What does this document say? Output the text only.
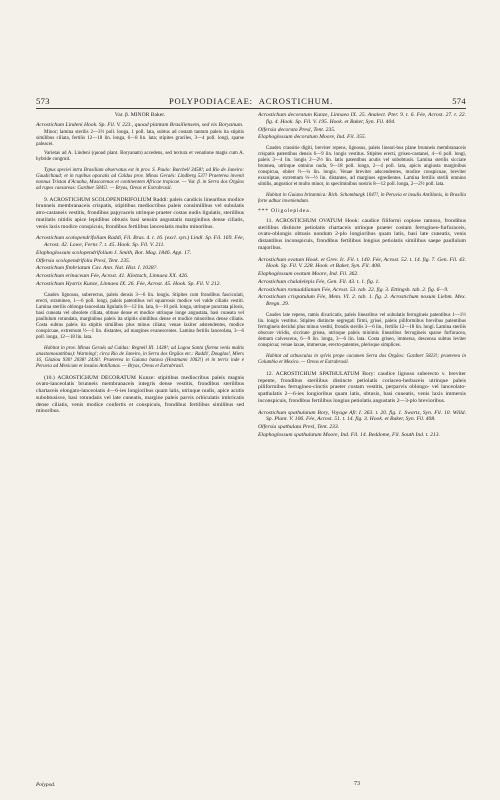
573	POLYPODIACEAE: ACROSTICHUM.	574

Var. β. MINOR Baker.

Acrostichum Lindeni Hook. Sp. Fil. V. 223., quoad plantam Brasiliensem, sed vix Boryanum.

Minor; lamina sterilis 2—3½ poll. longa, 1 poll. lata, subtus ad costam tantum paleis ita stipitis similibus ciliata, fertilis 12—18 lin. longa, 6—8 lin. lata; stipites graciles, 3—4 poll. longi, sparse paleacei.

Varietas ad A. Lindeni (quoad plant. Boryanam) accedens, sed textura et venatione magis cum A. hybride congruit.

Typus speciei intra Brasiliam observatus est in prov. S. Paulo: Burchell 3458!; ad Rio de Janeiro: Gaudichaud; et in rupibus opacatis ad Caldas prov. Minas Geraës: Lindberg 537! Praeterea invenit nonnus Tristan d'Acunha, Mascarenas et continentem Africae tropicae. — Var. β. in Serra dos Orgãos ad rupes caesareas: Gardner 5845!. — Bryas, Oreas et Extrabrasil.

9. ACROSTICHUM SCOLOPENDRIFOLIUM Raddi: paleis candicis linearibus modice brunneis membranaceis crispatis, stipitibus mediocribus paleis consimilibus vel subulatis atro-castaneis vestitis, frondibus papyraceis utrinque praeter costas nudis ligulatis, sterilibus mutilatis nitidis apice lepidibus obtusis basi sensim angustatis marginibus dense ciliatis, venis laxis modice conspicuis, frondibus fertilibus lanceolatis multo minoribus.

Acrostichum scolopendrifolium Raddi, Fil. Bras. 4. t. 16. (excl. syn.) Lindl. Sp. Fil. 169. Fée, Acrost. 42. Lowe, Ferns 7. t. 45. Hook. Sp. Fil. V. 211.

Elaphoglossum scolopendrifolium J. Smith, Bot. Mag. 1846. App. 17.

Olfersia scolopendrifolia Presl, Tent. 235.

Acrostichum fimbriatum Cav. Ann. Nat. Hist. I. 1028?.

Acrostichum erinaceum Fée, Acrost. 41. Klotzsch, Linnaea XX. 426.

Acrostichum Hystrix Kunze, Linnaea IX. 26. Fée, Acrost. 45. Hook. Sp. Fil. V. 212.

Caudex lignosus, suberectus, paleis densis 3—6 lin. longis. Stipites cum frondibus fasciculati, erecti, stramineo, 1—6 poll. longi, paleis patentibus vel squarrosis modice vel valde ciliatis vestiti. Lamina sterilis oblonga-lanceolata ligulatis 8—12 lin. lata, 6—10 poll. longa, utrinque punctata pilosis, basi cuneata vel obsolete ciliata, obtuse dense et modice utrinque longe angustata, basi cuneata vel paullulum rotundata, marginibus paleis ita stipitis similibus dense et modice minoribus dense ciliatis. Costa subtus paleis ita stipitis similibus plus minus ciliata; venae laxiter adstendentes, modice conspicuae, extremum ½—1 lin. distantes, ad margines evanescentes. Lamina fertilis lanceolata, 3—6 poll. longa, 12—18 lin. lata.

Habitat in prov. Minas Geraës ad Caldas: Regnell III. 1438!; ad Lagoa Santa (forma venis multis anastomosantibus): Warming!; circa Rio de Janeiro, in Serra dos Orgãos etc.: Raddi!, Douglas!, Miers 16, Glaziou 930! 2038! 2436!. Praeterea in Guiana batava (Hostmann 1062!) et in terris inde e Peruvia ad Mexicum et insulas Antillanas. — Bryas, Oreas et Extrabrasil.

(10.) ACROSTICHUM DECORATUM Kunze: stipitibus mediocribus paleis magnis ovato-lanceolatis brunneis membranaceis integris dense vestitis, frondibus sterilibus chartaceis elongato-lanceolatis 4—6-ies longioribus quam latis, utrinque nudis, apice acutis subobtusisve, basi rotundatis vel late cuneatis, margine paleis parvis orbiculatis imbricatis dense ciliatis, venis modice confertis et conspicuis, frondibus fertilibus similibus sed minoribus.

Acrostichum decoratum Kunze, Linnaea IX. 25. Analect. Pter. 9. t. 6. Fée, Acrost. 27. t. 22. fig. 4. Hook. Sp. Fil. V. 195. Hook. et Baker, Syn. Fil. 404.

Olfersia decorata Presl, Tent. 235.

Elaphoglossum decoratum Moore, Ind. Fil. 355.

Caudex crassitie digiti, breviter repens, lignosus, paleis lineari-bus plane brunneis membranaceis crispatis patentibus densis 6—9 lin. longis vestitus. Stipites erecti, griseo-castanei, 4—6 poll. longi, paleis 3—4 lin. longis 2—2½ lin. latis patentibus acutis vel subobtusis. Lamina sterilis sicciate brunnea, utrinque omnino nuda, 9—18 poll. longa, 2—4 poll. lata, apicis angiusta marginibus conspicua, obiter ½—¼ lin. longis. Venae breviter adscendentes, modice conspicuae, breviter exsculptae, extremum ⅓—½ lin. distantes, ad margines egredientes. Lamina fertilis sterili omnino similis, angustior et multo minor, in speciminibus nostris 8—12 poll. longa, 2—2½ poll. lata.

Habitat in Guiana britannica: Rich. Schomburgk 1047!, in Peruvia et insulis Antillanis, in Brasilia forte adhuc inveniendum.

*** Oligolepidea.

11. ACROSTICHUM OVATUM Hook: caudice filiformi copiose ramoso, frondibus sterilibus distincte petiolatis chartaceis utrinque praeter costam ferrugineo-furfuraceis, ovato-oblongis obtusis nondum 2-plo longioribus quam latis, basi late cuneatis, venis distantibus inconspicuis, frondibus fertilibus longius petiolatis similibus saepe paullulum majoribus.

Acrostichum ovatum Hook. et Grev. Ic. Fil. t. 140. Fée, Acrost. 52. t. 14. fig. 7. Gen. Fil. 43. Hook. Sp. Fil. V. 228. Hook. et Baker, Syn. Fil. 408.

Elaphoglossum ovatum Moore, Ind. Fil. 362.

Acrostichum chalalelepis Fée, Gen. Fil. 43. t. 1. fig. 1.

Acrostichum romualdianum Fée, Acrost. 53. tab. 22. fig. 3. Ettingsh. tab. 2. fig. 6—9.

Acrostichum crispatulum Fée, Mem. VI. 2. tab. 1. fig. 2. Acrostichum noxum Liebm. Mex. Bregn. 29.

Caudex late repens, ramis divaricatis, paleis linearibus vel subulatis ferrugineis patentibus 1—1½ lin. longis vestitus. Stipites distincte segregati firmi, grisei, paleis piliformibus brevibus patentibus ferrugineis decidui plus minus vestiti, frondis sterilis 3—6 lin., fertilis 12—18 lin. longi. Lamina sterilis obscure viridis, siccitate grisea, utrinque paleis minimis linearibus ferrugineis sparse furfuracea, demum calvescens, 6—9 lin. longa, 3—6 lin. lata. Costa griseo, immersa, descensa subtus leviter conspicua; venae laxae, immersae, erecto-patentes, plerisque simplices.

Habitat ad arbusculas in sylvis prope cacumen Serra dos Orgãos: Gardner 5823!; praeterea in Columbia et Mexico. — Oreas et Extrabrasil.

12. ACROSTICHUM SPATHULATUM Bory: caudice lignoso suberecto v. breviter repente, frondibus sterilibus distincte petiolatis coriaceo-herbaceis utrinque paleis piliformibus ferrugineo-cinctis praeter costam vestitis, perparvis oblongo- vel lanceolato-spathulatis 2—6-ies longioribus quam latis, obtusis, basi cuneatis, venis laxis immersis inconspicuis, frondibus fertilibus longius petiolatis angustatis 2—3-plo brevioribus.

Acrostichum spathulatum Bory, Voyage Afr. I. 363. t. 20. fig. 1. Swartz, Syn. Fil. 10. Willd. Sp. Plant. V. 106. Fée, Acrost. 51. t. 14. fig. 3. Hook. et Baker, Syn. Fil. 408.

Olfersia spathulata Presl, Tent. 233.

Elaphoglossum spathulatum Moore, Ind. Fil. 14. Beddome, Fil. South Ind. t. 213.

Polypod.	73
